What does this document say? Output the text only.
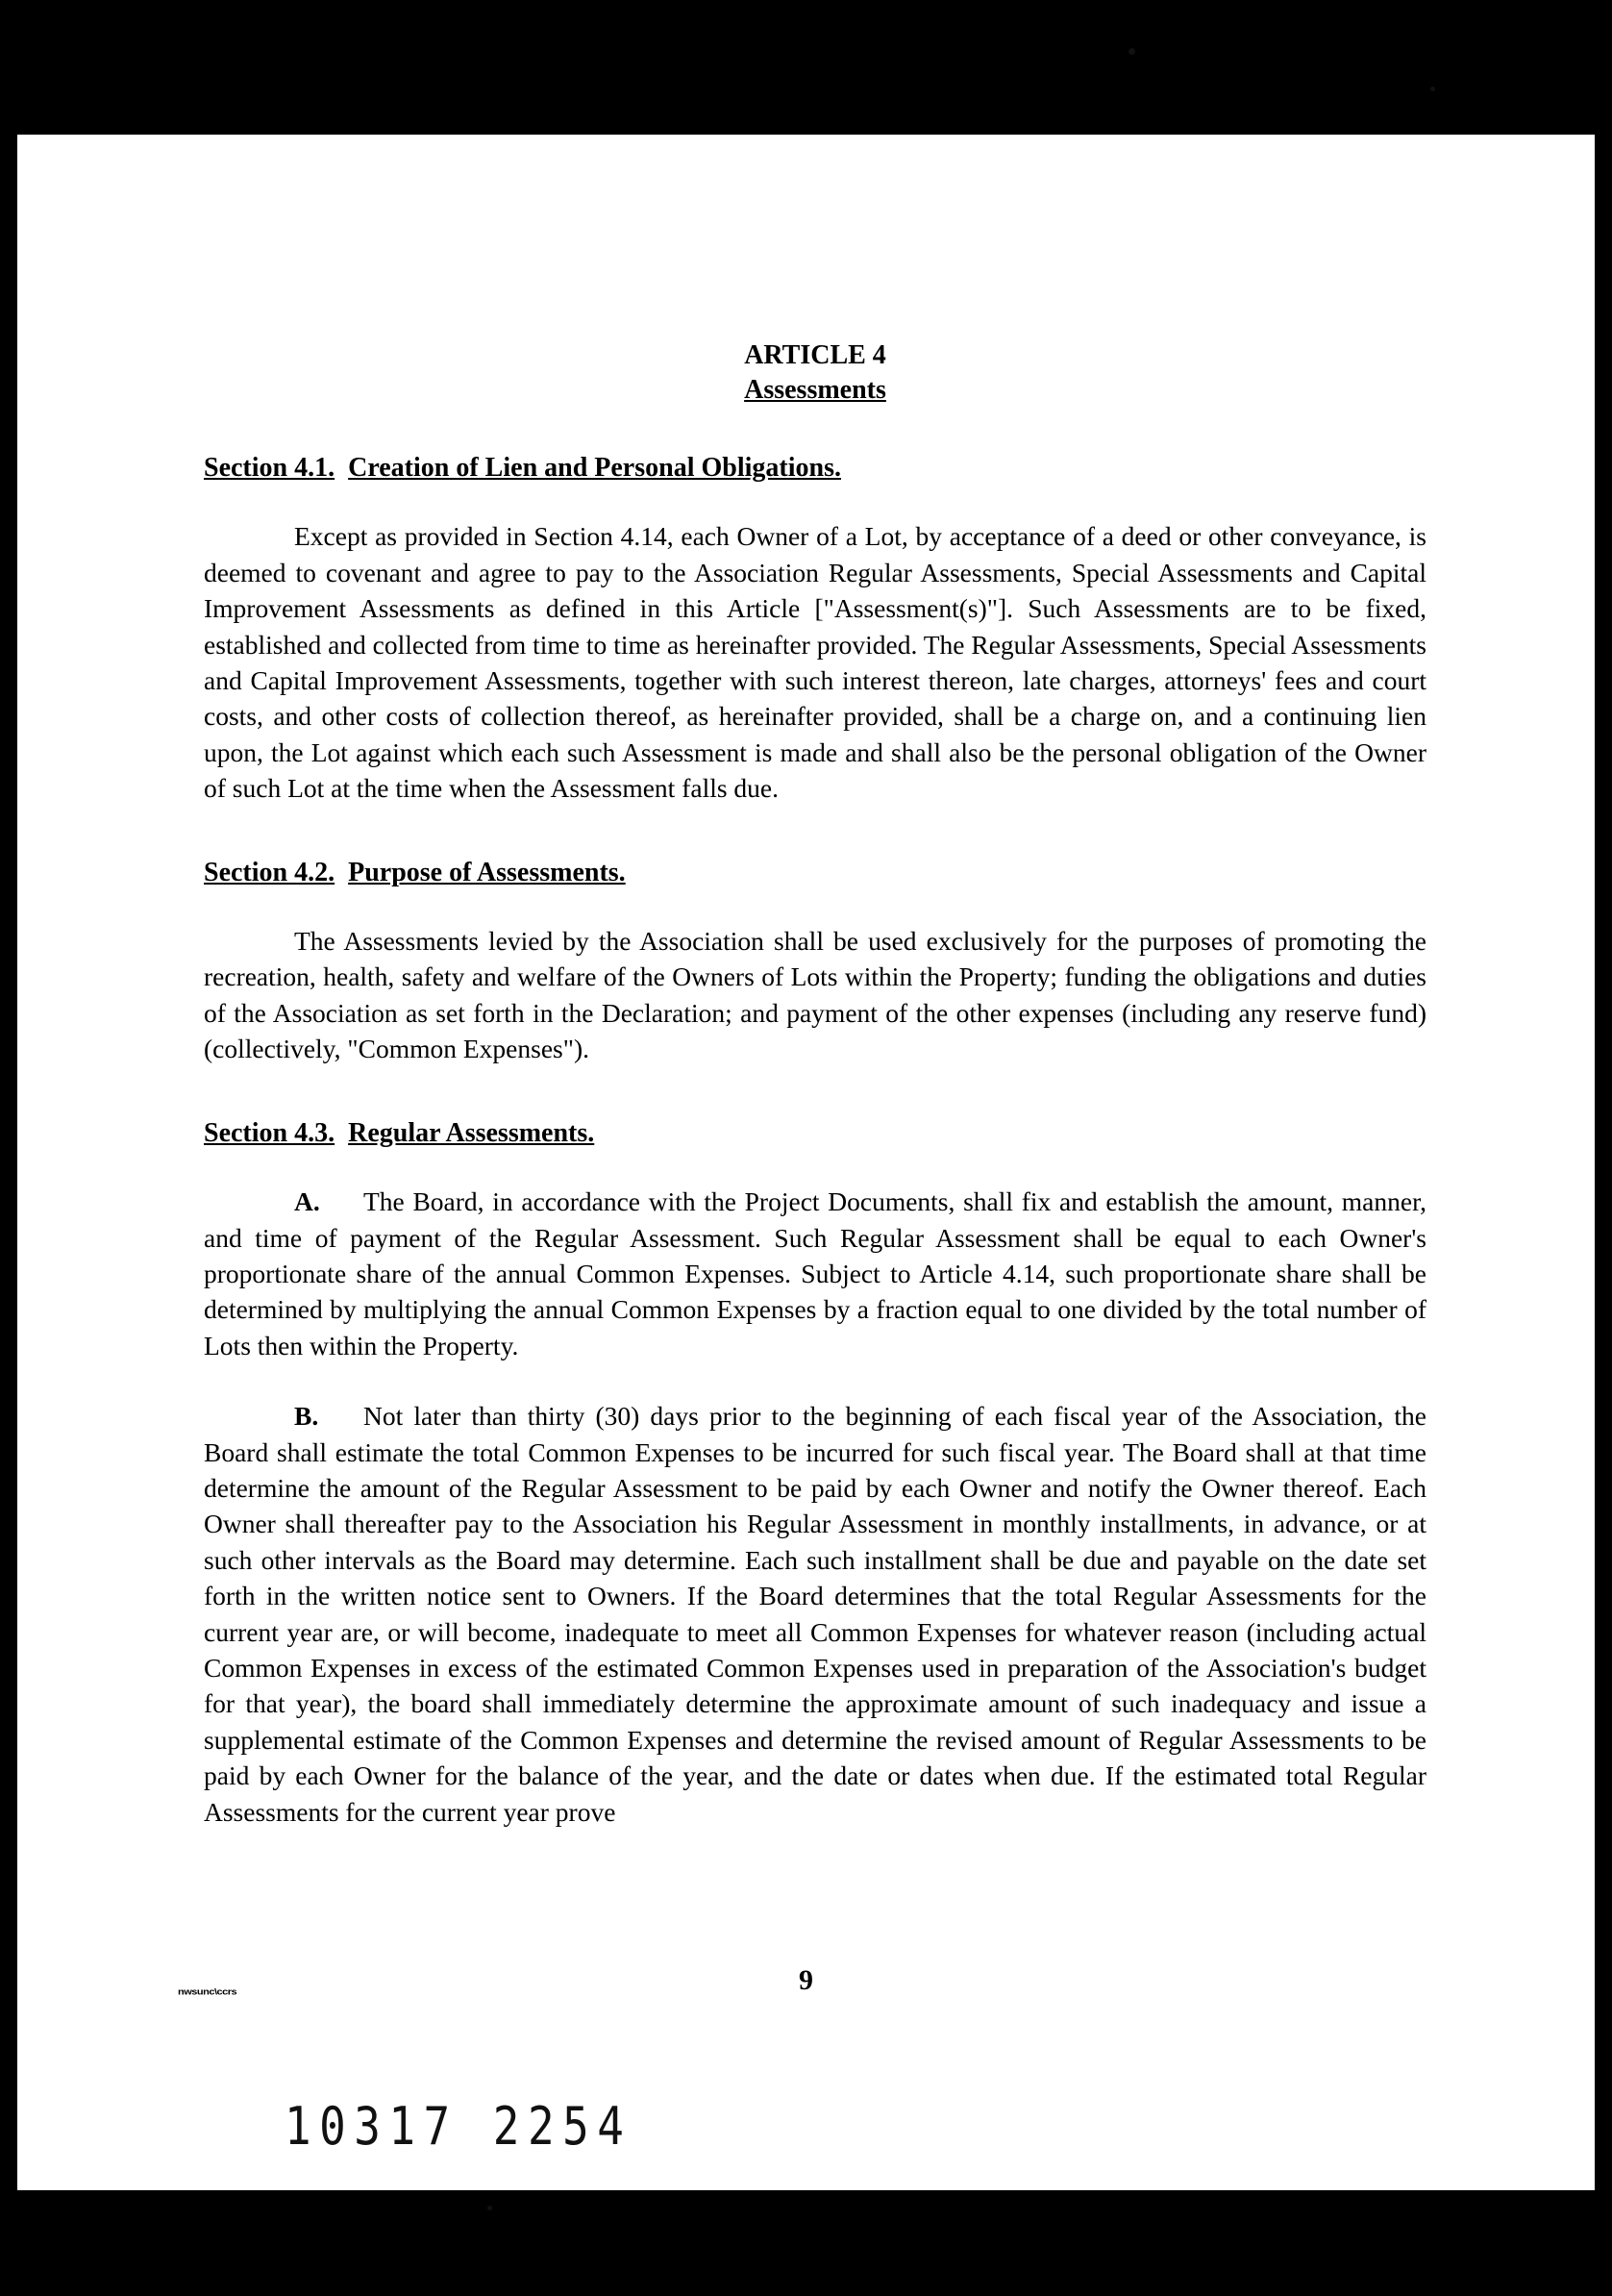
ARTICLE 4
Assessments
Section 4.1. Creation of Lien and Personal Obligations.

Except as provided in Section 4.14, each Owner of a Lot, by acceptance of a deed or other conveyance, is deemed to covenant and agree to pay to the Association Regular Assessments, Special Assessments and Capital Improvement Assessments as defined in this Article ["Assessment(s)"]. Such Assessments are to be fixed, established and collected from time to time as hereinafter provided. The Regular Assessments, Special Assessments and Capital Improvement Assessments, together with such interest thereon, late charges, attorneys' fees and court costs, and other costs of collection thereof, as hereinafter provided, shall be a charge on, and a continuing lien upon, the Lot against which each such Assessment is made and shall also be the personal obligation of the Owner of such Lot at the time when the Assessment falls due.

Section 4.2. Purpose of Assessments.

The Assessments levied by the Association shall be used exclusively for the purposes of promoting the recreation, health, safety and welfare of the Owners of Lots within the Property; funding the obligations and duties of the Association as set forth in the Declaration; and payment of the other expenses (including any reserve fund) (collectively, "Common Expenses").

Section 4.3. Regular Assessments.

A. The Board, in accordance with the Project Documents, shall fix and establish the amount, manner, and time of payment of the Regular Assessment. Such Regular Assessment shall be equal to each Owner's proportionate share of the annual Common Expenses. Subject to Article 4.14, such proportionate share shall be determined by multiplying the annual Common Expenses by a fraction equal to one divided by the total number of Lots then within the Property.

B. Not later than thirty (30) days prior to the beginning of each fiscal year of the Association, the Board shall estimate the total Common Expenses to be incurred for such fiscal year. The Board shall at that time determine the amount of the Regular Assessment to be paid by each Owner and notify the Owner thereof. Each Owner shall thereafter pay to the Association his Regular Assessment in monthly installments, in advance, or at such other intervals as the Board may determine. Each such installment shall be due and payable on the date set forth in the written notice sent to Owners. If the Board determines that the total Regular Assessments for the current year are, or will become, inadequate to meet all Common Expenses for whatever reason (including actual Common Expenses in excess of the estimated Common Expenses used in preparation of the Association's budget for that year), the board shall immediately determine the approximate amount of such inadequacy and issue a supplemental estimate of the Common Expenses and determine the revised amount of Regular Assessments to be paid by each Owner for the balance of the year, and the date or dates when due. If the estimated total Regular Assessments for the current year prove

9
nwsunc\ccrs
10317 2254
